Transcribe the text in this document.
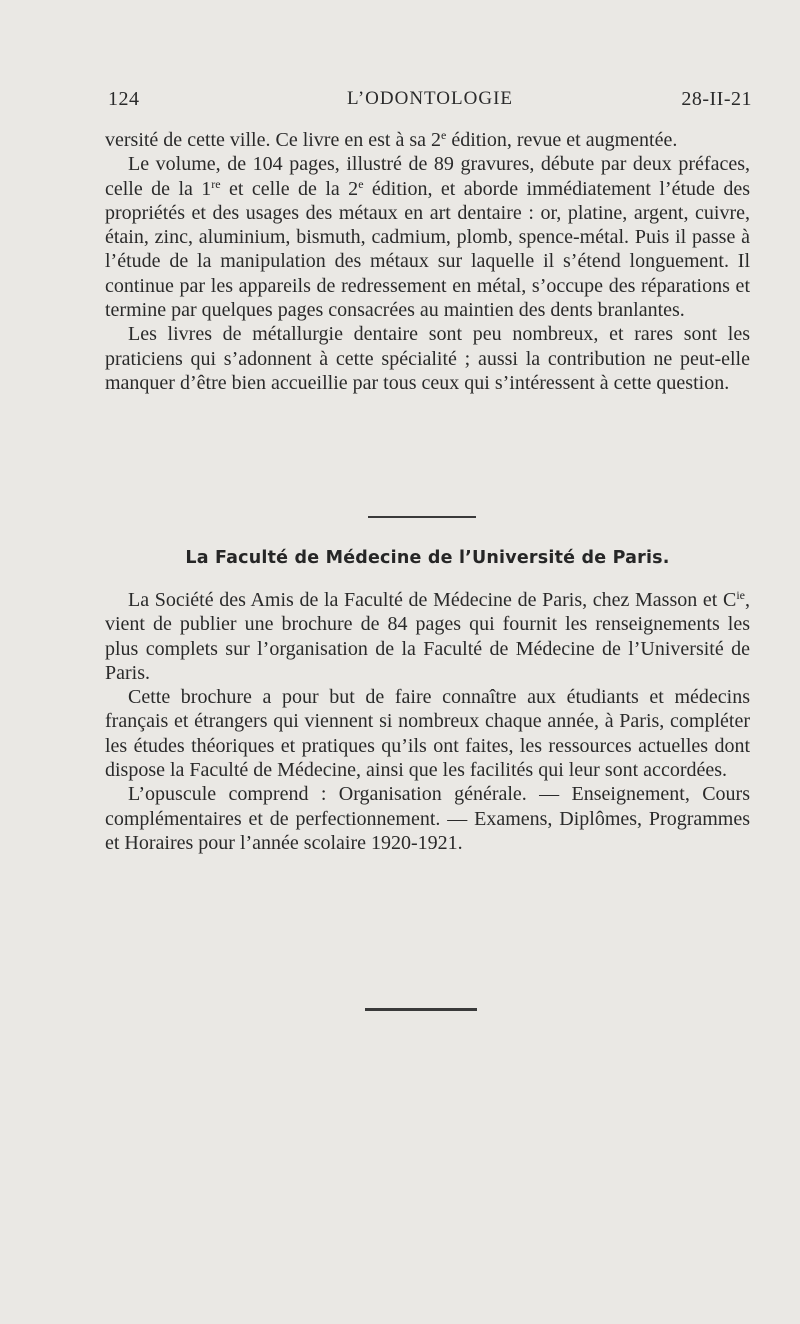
124	L’ODONTOLOGIE	28-II-21

versité de cette ville. Ce livre en est à sa 2e édition, revue et augmentée.

Le volume, de 104 pages, illustré de 89 gravures, débute par deux préfaces, celle de la 1re et celle de la 2e édition, et aborde immédiatement l’étude des propriétés et des usages des métaux en art dentaire : or, platine, argent, cuivre, étain, zinc, aluminium, bismuth, cadmium, plomb, spence-métal. Puis il passe à l’étude de la manipulation des métaux sur laquelle il s’étend longuement. Il continue par les appareils de redressement en métal, s’occupe des réparations et termine par quelques pages consacrées au maintien des dents branlantes.

Les livres de métallurgie dentaire sont peu nombreux, et rares sont les praticiens qui s’adonnent à cette spécialité ; aussi la contribution ne peut-elle manquer d’être bien accueillie par tous ceux qui s’intéressent à cette question.

La Faculté de Médecine de l’Université de Paris.

La Société des Amis de la Faculté de Médecine de Paris, chez Masson et $C^{ie}$, vient de publier une brochure de 84 pages qui fournit les renseignements les plus complets sur l’organisation de la Faculté de Médecine de l’Université de Paris.

Cette brochure a pour but de faire connaître aux étudiants et médecins français et étrangers qui viennent si nombreux chaque année, à Paris, compléter les études théoriques et pratiques qu’ils ont faites, les ressources actuelles dont dispose la Faculté de Médecine, ainsi que les facilités qui leur sont accordées.

L’opuscule comprend : Organisation générale. — Enseignement, Cours complémentaires et de perfectionnement. — Examens, Diplômes, Programmes et Horaires pour l’année scolaire 1920-1921.
